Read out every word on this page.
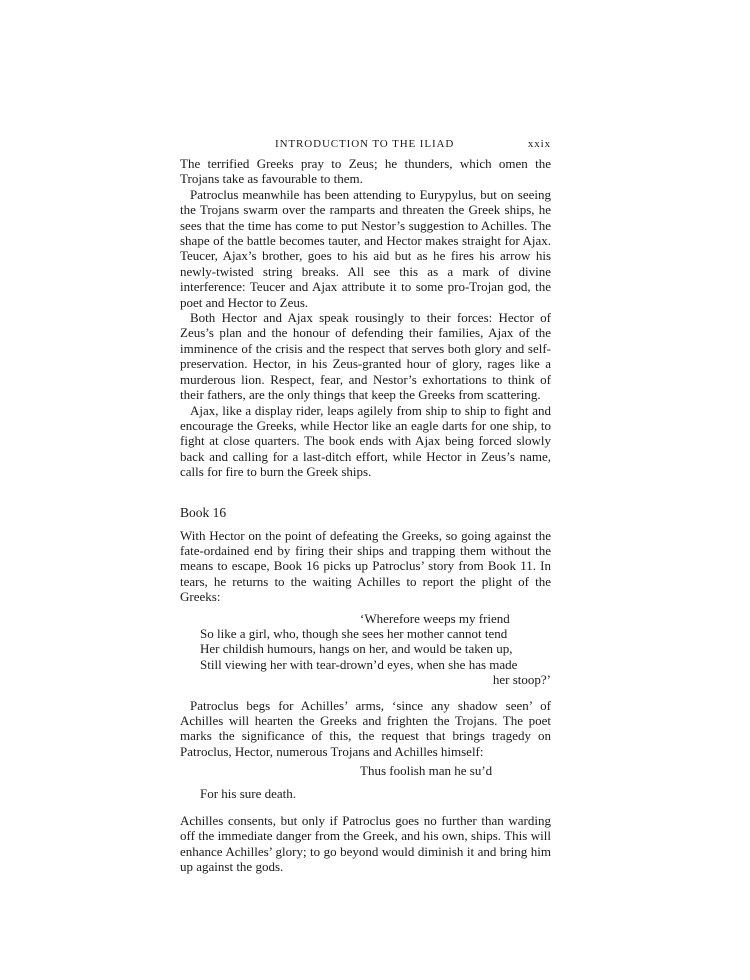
INTRODUCTION TO THE ILIAD	xxix

The terrified Greeks pray to Zeus; he thunders, which omen the Trojans take as favourable to them.

Patroclus meanwhile has been attending to Eurypylus, but on seeing the Trojans swarm over the ramparts and threaten the Greek ships, he sees that the time has come to put Nestor’s suggestion to Achilles. The shape of the battle becomes tauter, and Hector makes straight for Ajax. Teucer, Ajax’s brother, goes to his aid but as he fires his arrow his newly-twisted string breaks. All see this as a mark of divine interference: Teucer and Ajax attribute it to some pro-Trojan god, the poet and Hector to Zeus.

Both Hector and Ajax speak rousingly to their forces: Hector of Zeus’s plan and the honour of defending their families, Ajax of the imminence of the crisis and the respect that serves both glory and self-preservation. Hector, in his Zeus-granted hour of glory, rages like a murderous lion. Respect, fear, and Nestor’s exhortations to think of their fathers, are the only things that keep the Greeks from scattering.

Ajax, like a display rider, leaps agilely from ship to ship to fight and encourage the Greeks, while Hector like an eagle darts for one ship, to fight at close quarters. The book ends with Ajax being forced slowly back and calling for a last-ditch effort, while Hector in Zeus’s name, calls for fire to burn the Greek ships.

Book 16

With Hector on the point of defeating the Greeks, so going against the fate-ordained end by firing their ships and trapping them without the means to escape, Book 16 picks up Patroclus’ story from Book 11. In tears, he returns to the waiting Achilles to report the plight of the Greeks:

‘Wherefore weeps my friend
So like a girl, who, though she sees her mother cannot tend
Her childish humours, hangs on her, and would be taken up,
Still viewing her with tear-drown’d eyes, when she has made
her stoop?’

Patroclus begs for Achilles’ arms, ‘since any shadow seen’ of Achilles will hearten the Greeks and frighten the Trojans. The poet marks the significance of this, the request that brings tragedy on Patroclus, Hector, numerous Trojans and Achilles himself:

Thus foolish man he su’d
For his sure death.

Achilles consents, but only if Patroclus goes no further than warding off the immediate danger from the Greek, and his own, ships. This will enhance Achilles’ glory; to go beyond would diminish it and bring him up against the gods.
